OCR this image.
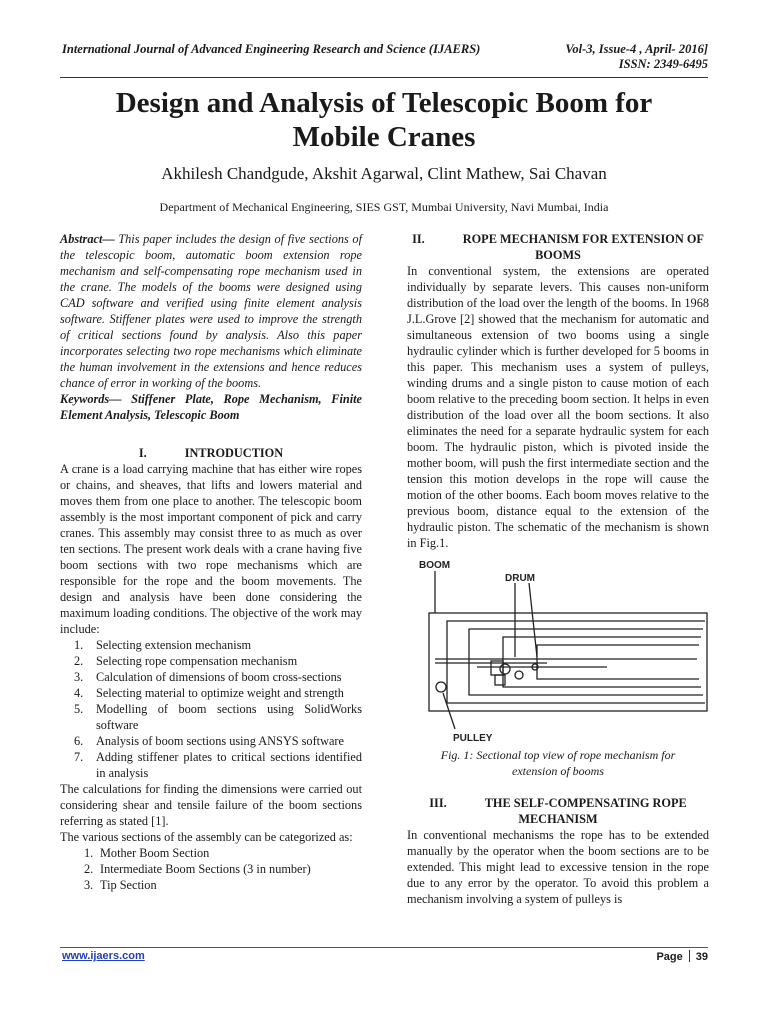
International Journal of Advanced Engineering Research and Science (IJAERS)	Vol-3, Issue-4 , April- 2016]
ISSN: 2349-6495
Design and Analysis of Telescopic Boom for
Mobile Cranes
Akhilesh Chandgude, Akshit Agarwal, Clint Mathew, Sai Chavan
Department of Mechanical Engineering, SIES GST, Mumbai University, Navi Mumbai, India

Abstract— This paper includes the design of five sections of the telescopic boom, automatic boom extension rope mechanism and self-compensating rope mechanism used in the crane. The models of the booms were designed using CAD software and verified using finite element analysis software. Stiffener plates were used to improve the strength of critical sections found by analysis. Also this paper incorporates selecting two rope mechanisms which eliminate the human involvement in the extensions and hence reduces chance of error in working of the booms.

Keywords— Stiffener Plate, Rope Mechanism, Finite Element Analysis, Telescopic Boom

I.	INTRODUCTION

A crane is a load carrying machine that has either wire ropes or chains, and sheaves, that lifts and lowers material and moves them from one place to another. The telescopic boom assembly is the most important component of pick and carry cranes. This assembly may consist three to as much as over ten sections. The present work deals with a crane having five boom sections with two rope mechanisms which are responsible for the rope and the boom movements. The design and analysis have been done considering the maximum loading conditions. The objective of the work may include:

1. Selecting extension mechanism
2. Selecting rope compensation mechanism
3. Calculation of dimensions of boom cross-sections
4. Selecting material to optimize weight and strength
5. Modelling of boom sections using SolidWorks software
6. Analysis of boom sections using ANSYS software
7. Adding stiffener plates to critical sections identified in analysis

The calculations for finding the dimensions were carried out considering shear and tensile failure of the boom sections referring as stated [1].

The various sections of the assembly can be categorized as:

1. Mother Boom Section
2. Intermediate Boom Sections (3 in number)
3. Tip Section
II.	ROPE MECHANISM FOR EXTENSION OF
BOOMS

In conventional system, the extensions are operated individually by separate levers. This causes non-uniform distribution of the load over the length of the booms. In 1968 J.L.Grove [2] showed that the mechanism for automatic and simultaneous extension of two booms using a single hydraulic cylinder which is further developed for 5 booms in this paper. This mechanism uses a system of pulleys, winding drums and a single piston to cause motion of each boom relative to the preceding boom section. It helps in even distribution of the load over all the boom sections. It also eliminates the need for a separate hydraulic system for each boom. The hydraulic piston, which is pivoted inside the mother boom, will push the first intermediate section and the tension this motion develops in the rope will cause the motion of the other booms. Each boom moves relative to the previous boom, distance equal to the extension of the hydraulic piston. The schematic of the mechanism is shown in Fig.1.

BOOM
DRUM
PULLEY
Fig. 1: Sectional top view of rope mechanism for
extension of booms
III.	THE SELF-COMPENSATING ROPE
MECHANISM

In conventional mechanisms the rope has to be extended manually by the operator when the boom sections are to be extended. This might lead to excessive tension in the rope due to any error by the operator. To avoid this problem a mechanism involving a system of pulleys is

www.ijaers.com	Page 39
